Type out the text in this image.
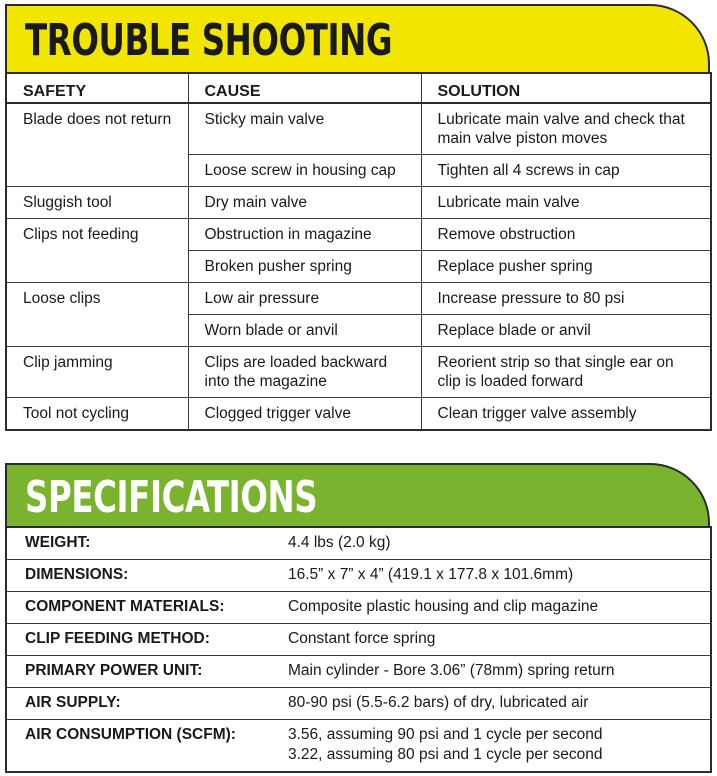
TROUBLE SHOOTING
SAFETY	CAUSE	SOLUTION
Blade does not return	Sticky main valve	Lubricate main valve and check that main valve piston moves
	Loose screw in housing cap	Tighten all 4 screws in cap
Sluggish tool	Dry main valve	Lubricate main valve
Clips not feeding	Obstruction in magazine	Remove obstruction
	Broken pusher spring	Replace pusher spring
Loose clips	Low air pressure	Increase pressure to 80 psi
	Worn blade or anvil	Replace blade or anvil
Clip jamming	Clips are loaded backward into the magazine	Reorient strip so that single ear on clip is loaded forward
Tool not cycling	Clogged trigger valve	Clean trigger valve assembly
SPECIFICATIONS
WEIGHT:	4.4 lbs (2.0 kg)
DIMENSIONS:	16.5” x 7” x 4” (419.1 x 177.8 x 101.6mm)
COMPONENT MATERIALS:	Composite plastic housing and clip magazine
CLIP FEEDING METHOD:	Constant force spring
PRIMARY POWER UNIT:	Main cylinder - Bore 3.06” (78mm) spring return
AIR SUPPLY:	80-90 psi (5.5-6.2 bars) of dry, lubricated air
AIR CONSUMPTION (SCFM):	3.56, assuming 90 psi and 1 cycle per second
3.22, assuming 80 psi and 1 cycle per second
